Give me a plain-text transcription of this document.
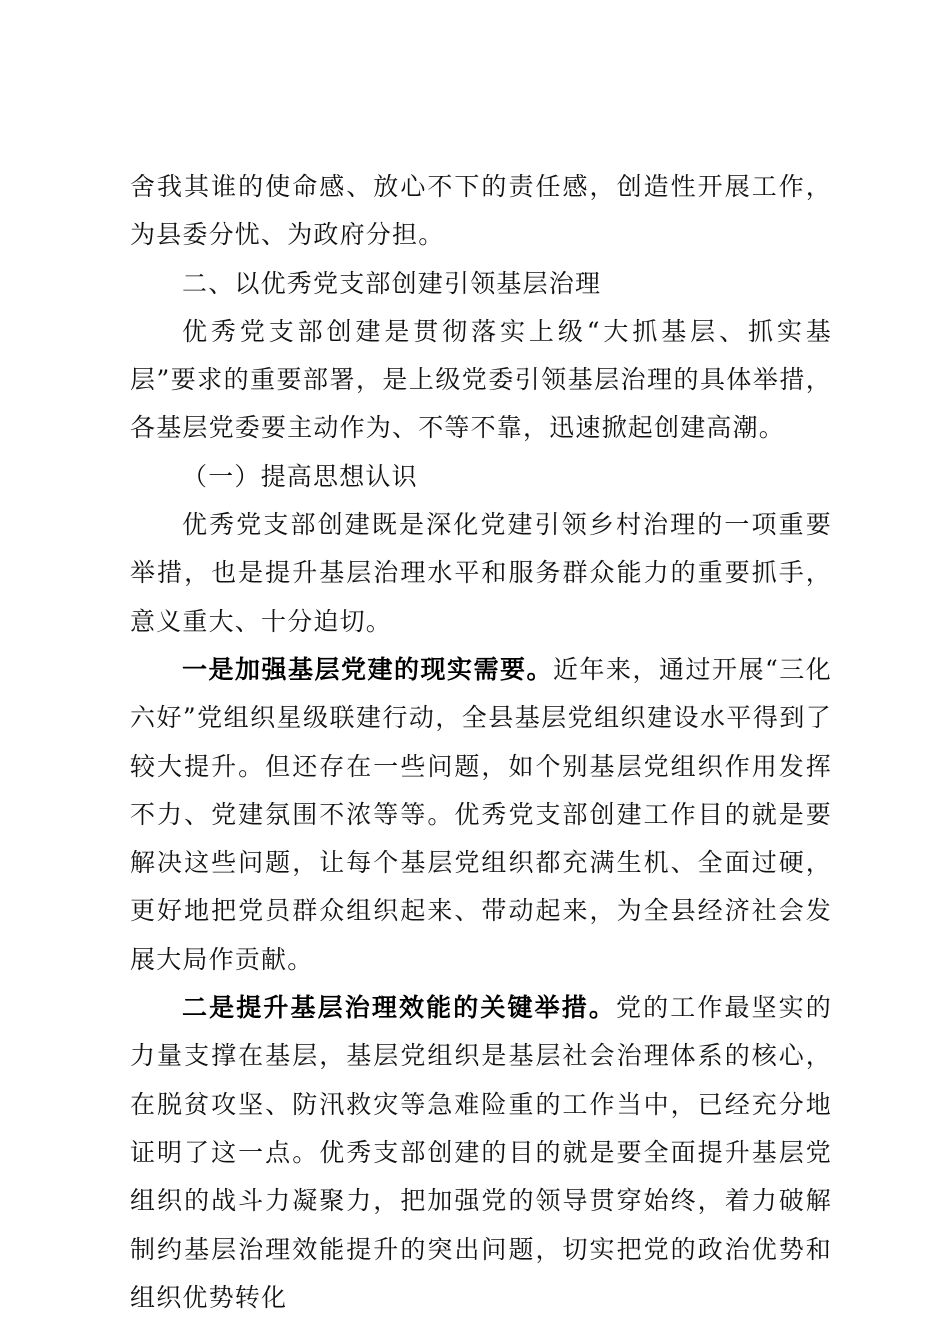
舍我其谁的使命感、放心不下的责任感，创造性开展工作，为县委分忧、为政府分担。

二、以优秀党支部创建引领基层治理

优秀党支部创建是贯彻落实上级“大抓基层、抓实基层”要求的重要部署，是上级党委引领基层治理的具体举措，各基层党委要主动作为、不等不靠，迅速掀起创建高潮。

（一）提高思想认识

优秀党支部创建既是深化党建引领乡村治理的一项重要举措，也是提升基层治理水平和服务群众能力的重要抓手，意义重大、十分迫切。

一是加强基层党建的现实需要。近年来，通过开展“三化六好”党组织星级联建行动，全县基层党组织建设水平得到了较大提升。但还存在一些问题，如个别基层党组织作用发挥不力、党建氛围不浓等等。优秀党支部创建工作目的就是要解决这些问题，让每个基层党组织都充满生机、全面过硬，更好地把党员群众组织起来、带动起来，为全县经济社会发展大局作贡献。

二是提升基层治理效能的关键举措。党的工作最坚实的力量支撑在基层，基层党组织是基层社会治理体系的核心，在脱贫攻坚、防汛救灾等急难险重的工作当中，已经充分地证明了这一点。优秀支部创建的目的就是要全面提升基层党组织的战斗力凝聚力，把加强党的领导贯穿始终，着力破解制约基层治理效能提升的突出问题，切实把党的政治优势和组织优势转化
